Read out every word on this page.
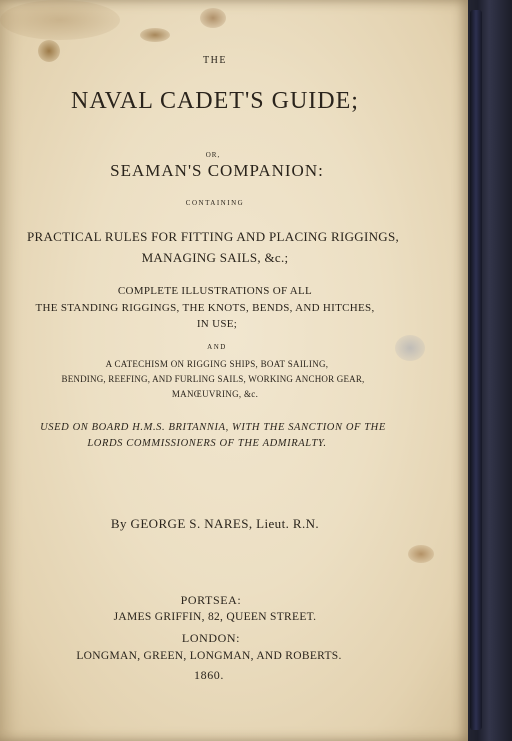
THE
NAVAL CADET'S GUIDE;
OR,
SEAMAN'S COMPANION:
CONTAINING
PRACTICAL RULES FOR FITTING AND PLACING RIGGINGS,
MANAGING SAILS, &c.;
COMPLETE ILLUSTRATIONS OF ALL
THE STANDING RIGGINGS, THE KNOTS, BENDS, AND HITCHES,
IN USE;
AND
A CATECHISM ON RIGGING SHIPS, BOAT SAILING,
BENDING, REEFING, AND FURLING SAILS, WORKING ANCHOR GEAR,
MANŒUVRING, &c.
USED ON BOARD H.M.S. BRITANNIA, WITH THE SANCTION OF THE
LORDS COMMISSIONERS OF THE ADMIRALTY.
By GEORGE S. NARES, Lieut. R.N.
PORTSEA:
JAMES GRIFFIN, 82, QUEEN STREET.
LONDON:
LONGMAN, GREEN, LONGMAN, AND ROBERTS.
1860.
